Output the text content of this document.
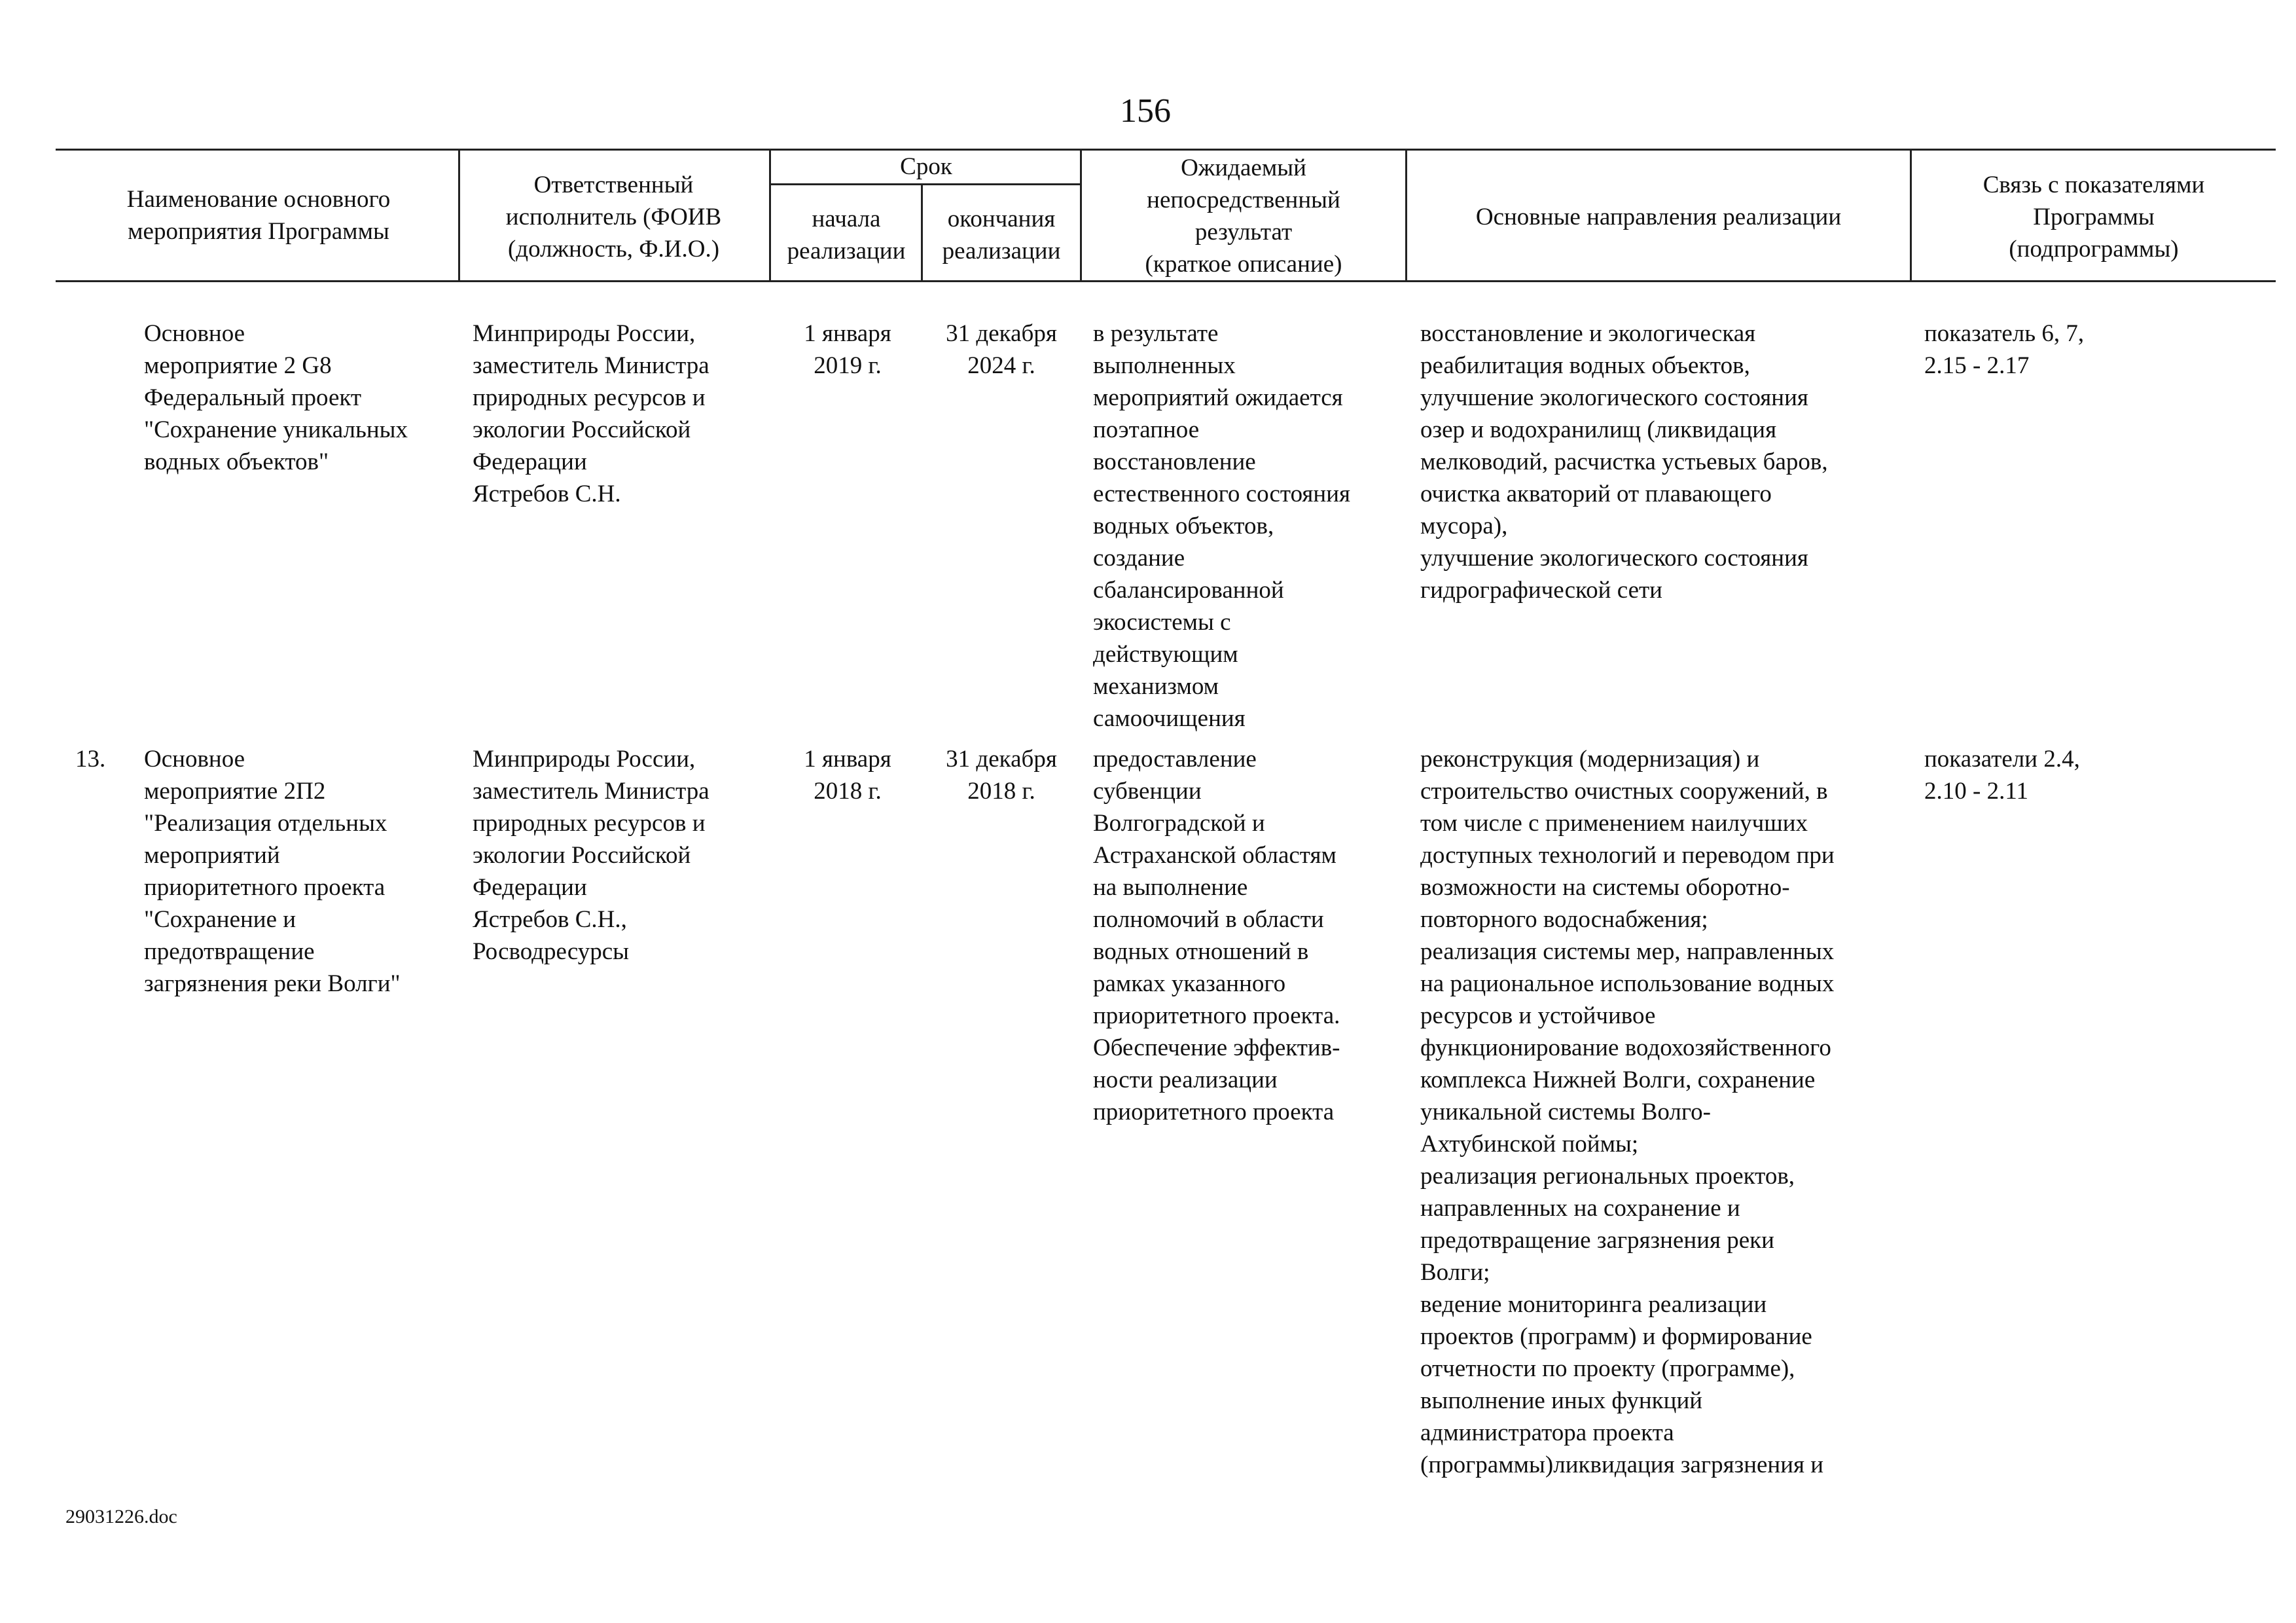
156
Наименование основного
мероприятия Программы
Ответственный
исполнитель (ФОИВ
(должность, Ф.И.О.)
Срок
начала
реализации
окончания
реализации
Ожидаемый
непосредственный
результат
(краткое описание)
Основные направления реализации
Связь с показателями
Программы
(подпрограммы)
Основное
мероприятие 2 G8
Федеральный проект
"Сохранение уникальных
водных объектов"
Минприроды России,
заместитель Министра
природных ресурсов и
экологии Российской
Федерации
Ястребов С.Н.
1 января
2019 г.
31 декабря
2024 г.
в результате
выполненных
мероприятий ожидается
поэтапное
восстановление
естественного состояния
водных объектов,
создание
сбалансированной
экосистемы с
действующим
механизмом
самоочищения
восстановление и экологическая
реабилитация водных объектов,
улучшение экологического состояния
озер и водохранилищ (ликвидация
мелководий, расчистка устьевых баров,
очистка акваторий от плавающего
мусора),
улучшение экологического состояния
гидрографической сети
показатель 6, 7,
2.15 - 2.17
13.	Основное
мероприятие 2П2
"Реализация отдельных
мероприятий
приоритетного проекта
"Сохранение и
предотвращение
загрязнения реки Волги"
Минприроды России,
заместитель Министра
природных ресурсов и
экологии Российской
Федерации
Ястребов С.Н.,
Росводресурсы
1 января
2018 г.
31 декабря
2018 г.
предоставление
субвенции
Волгоградской и
Астраханской областям
на выполнение
полномочий в области
водных отношений в
рамках указанного
приоритетного проекта.
Обеспечение эффектив-
ности реализации
приоритетного проекта
реконструкция (модернизация) и
строительство очистных сооружений, в
том числе с применением наилучших
доступных технологий и переводом при
возможности на системы оборотно-
повторного водоснабжения;
реализация системы мер, направленных
на рациональное использование водных
ресурсов и устойчивое
функционирование водохозяйственного
комплекса Нижней Волги, сохранение
уникальной системы Волго-
Ахтубинской поймы;
реализация региональных проектов,
направленных на сохранение и
предотвращение загрязнения реки
Волги;
ведение мониторинга реализации
проектов (программ) и формирование
отчетности по проекту (программе),
выполнение иных функций
администратора проекта
(программы)ликвидация загрязнения и
показатели 2.4,
2.10 - 2.11
29031226.doc
